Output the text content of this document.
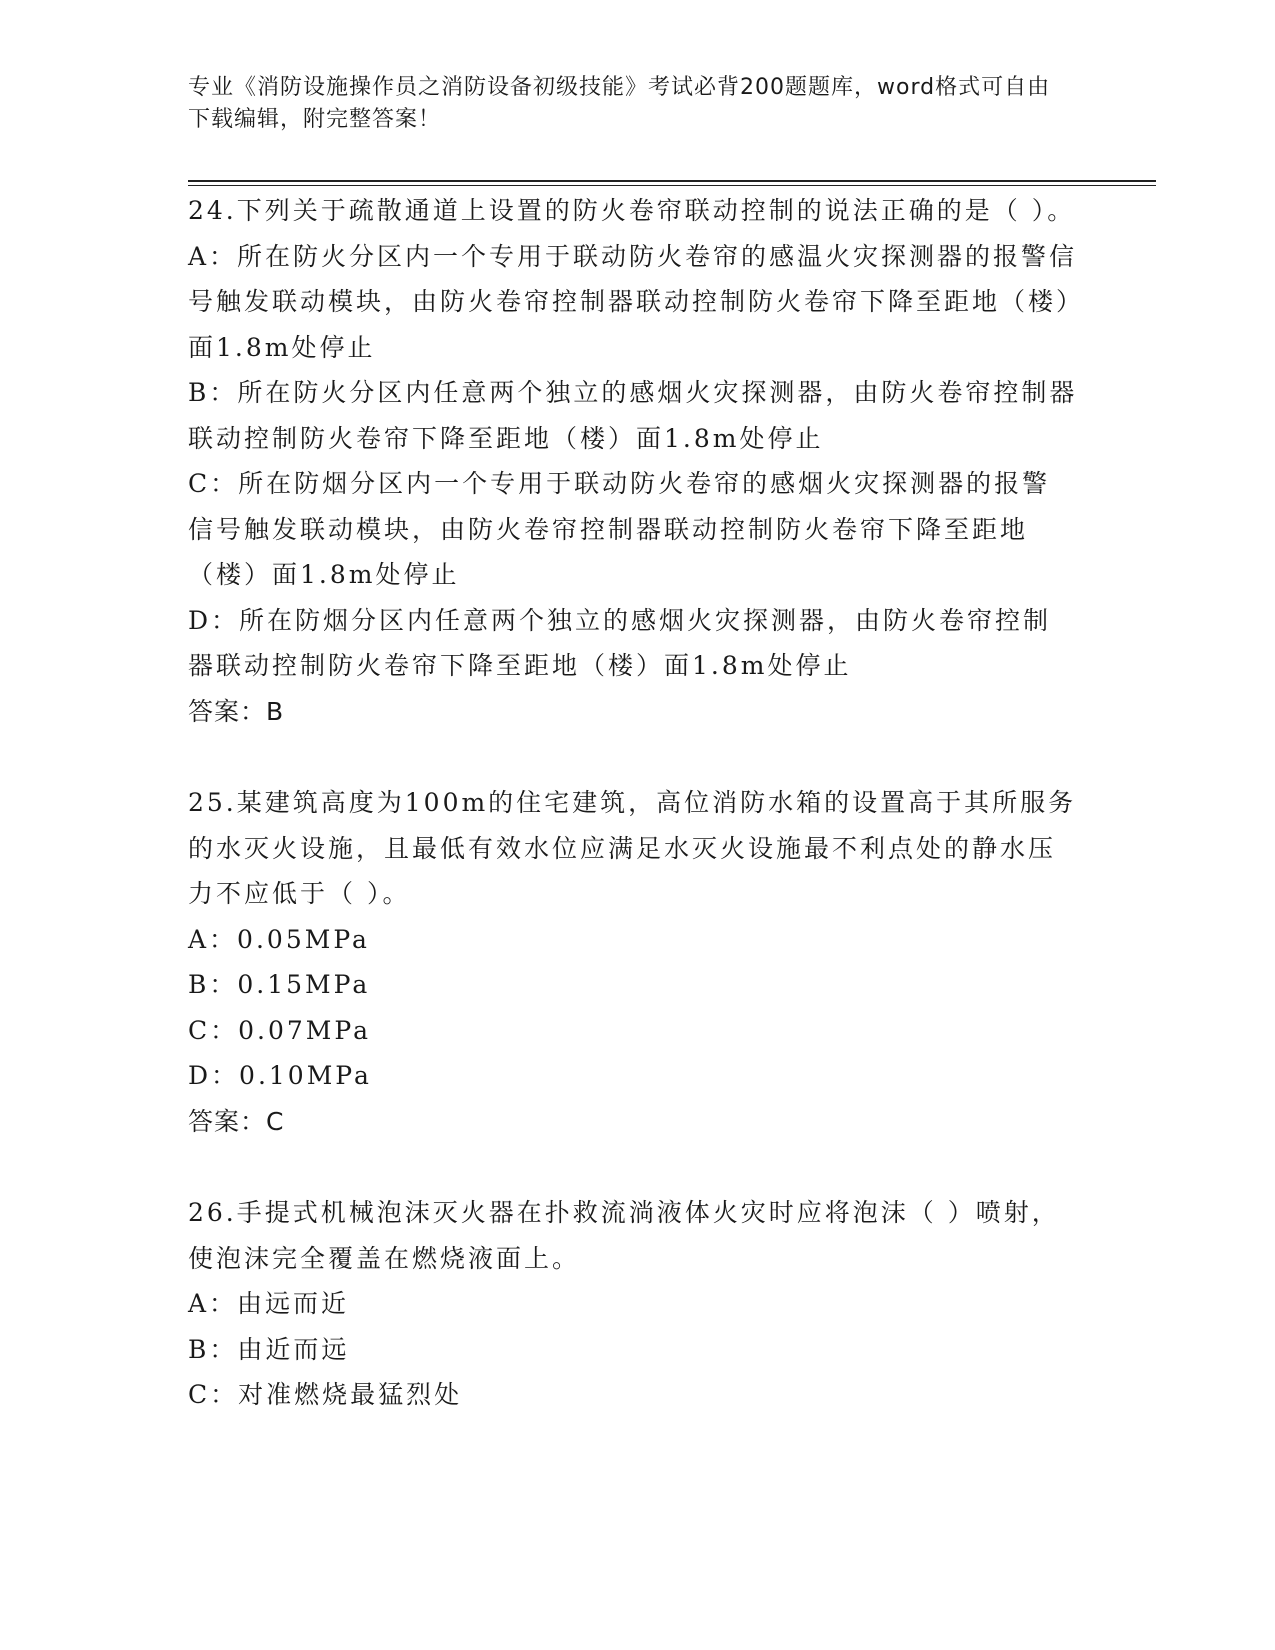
专业《消防设施操作员之消防设备初级技能》考试必背200题题库，word格式可自由下载编辑，附完整答案！
24.下列关于疏散通道上设置的防火卷帘联动控制的说法正确的是（ ）。
A：所在防火分区内一个专用于联动防火卷帘的感温火灾探测器的报警信号触发联动模块，由防火卷帘控制器联动控制防火卷帘下降至距地（楼）面1.8m处停止
B：所在防火分区内任意两个独立的感烟火灾探测器，由防火卷帘控制器联动控制防火卷帘下降至距地（楼）面1.8m处停止
C：所在防烟分区内一个专用于联动防火卷帘的感烟火灾探测器的报警信号触发联动模块，由防火卷帘控制器联动控制防火卷帘下降至距地（楼）面1.8m处停止
D：所在防烟分区内任意两个独立的感烟火灾探测器，由防火卷帘控制器联动控制防火卷帘下降至距地（楼）面1.8m处停止
答案：B
25.某建筑高度为100m的住宅建筑，高位消防水箱的设置高于其所服务的水灭火设施，且最低有效水位应满足水灭火设施最不利点处的静水压力不应低于（ ）。
A：0.05MPa
B：0.15MPa
C：0.07MPa
D：0.10MPa
答案：C
26.手提式机械泡沫灭火器在扑救流淌液体火灾时应将泡沫（ ）喷射，使泡沫完全覆盖在燃烧液面上。
A：由远而近
B：由近而远
C：对准燃烧最猛烈处
